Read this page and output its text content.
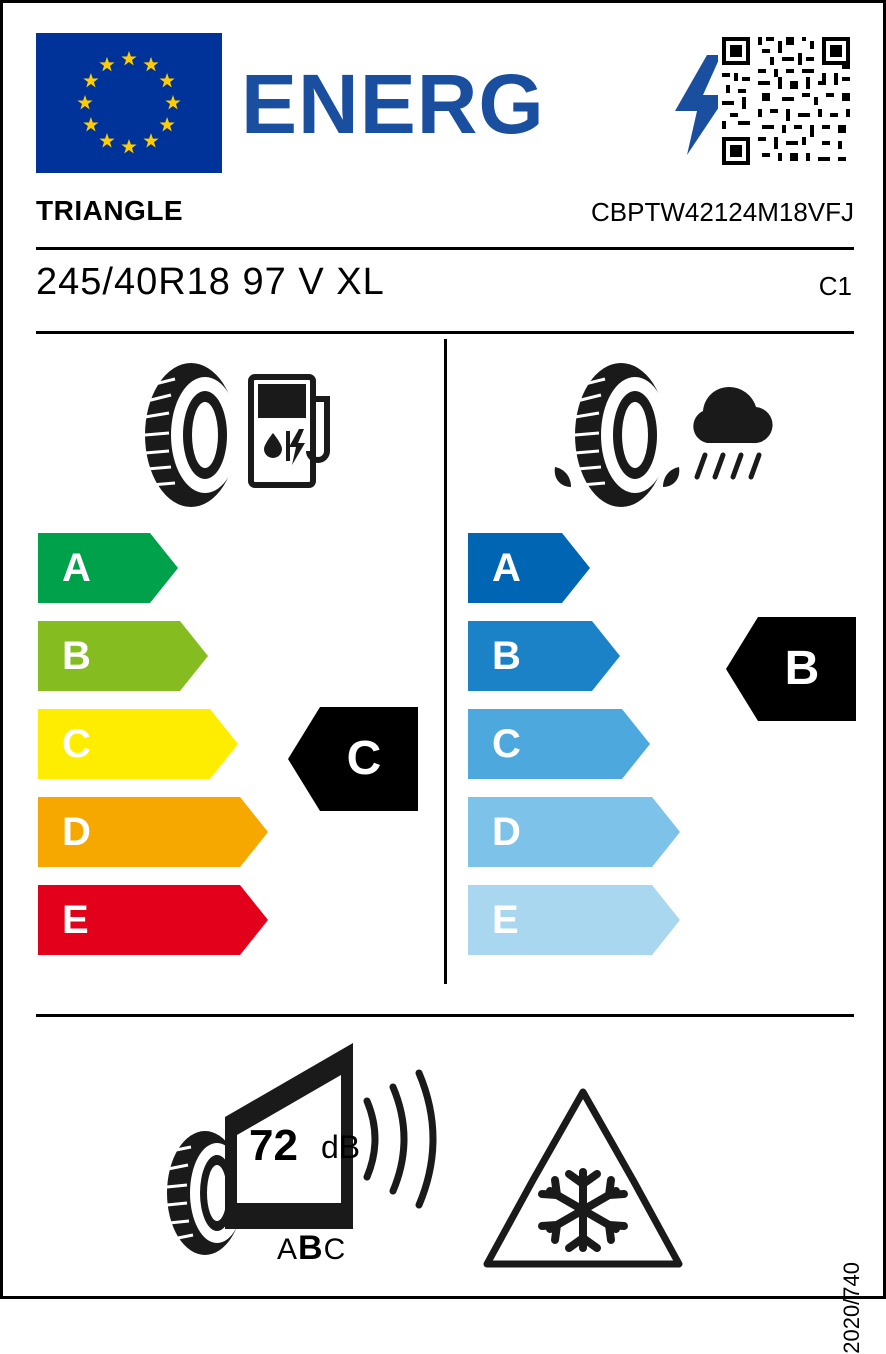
ENERG
TRIANGLE	CBPTW42124M18VFJ
245/40R18 97 V XL	C1
A
B
C
D
E
A
B
C
D
E
C
B
72 dB
ABC
2020/740
